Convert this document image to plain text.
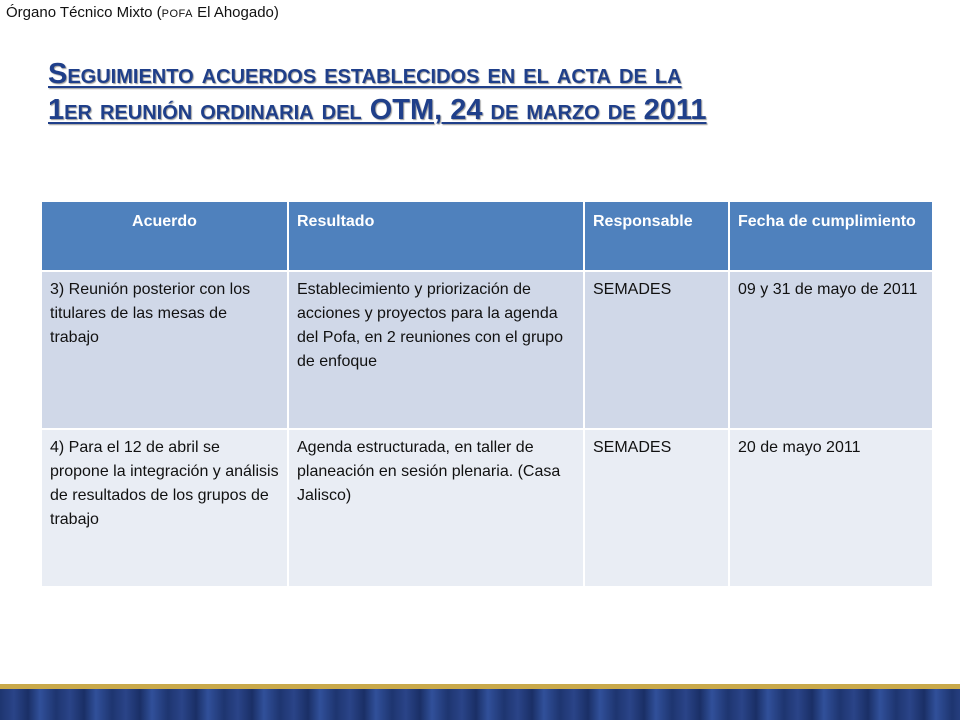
Órgano Técnico Mixto (POFA El Ahogado)
Seguimiento acuerdos establecidos en el acta de la
1er reunión ordinaria del OTM, 24 de marzo de 2011
Acuerdo	Resultado	Responsable	Fecha de cumplimiento
3) Reunión posterior con los titulares de las mesas de trabajo	Establecimiento y priorización de acciones y proyectos para la agenda del Pofa, en 2 reuniones con el grupo de enfoque	SEMADES	09 y 31 de mayo de 2011
4) Para el 12 de abril se propone la integración y análisis de resultados de los grupos de trabajo	Agenda estructurada, en taller de planeación en sesión plenaria. (Casa Jalisco)	SEMADES	20 de mayo 2011
